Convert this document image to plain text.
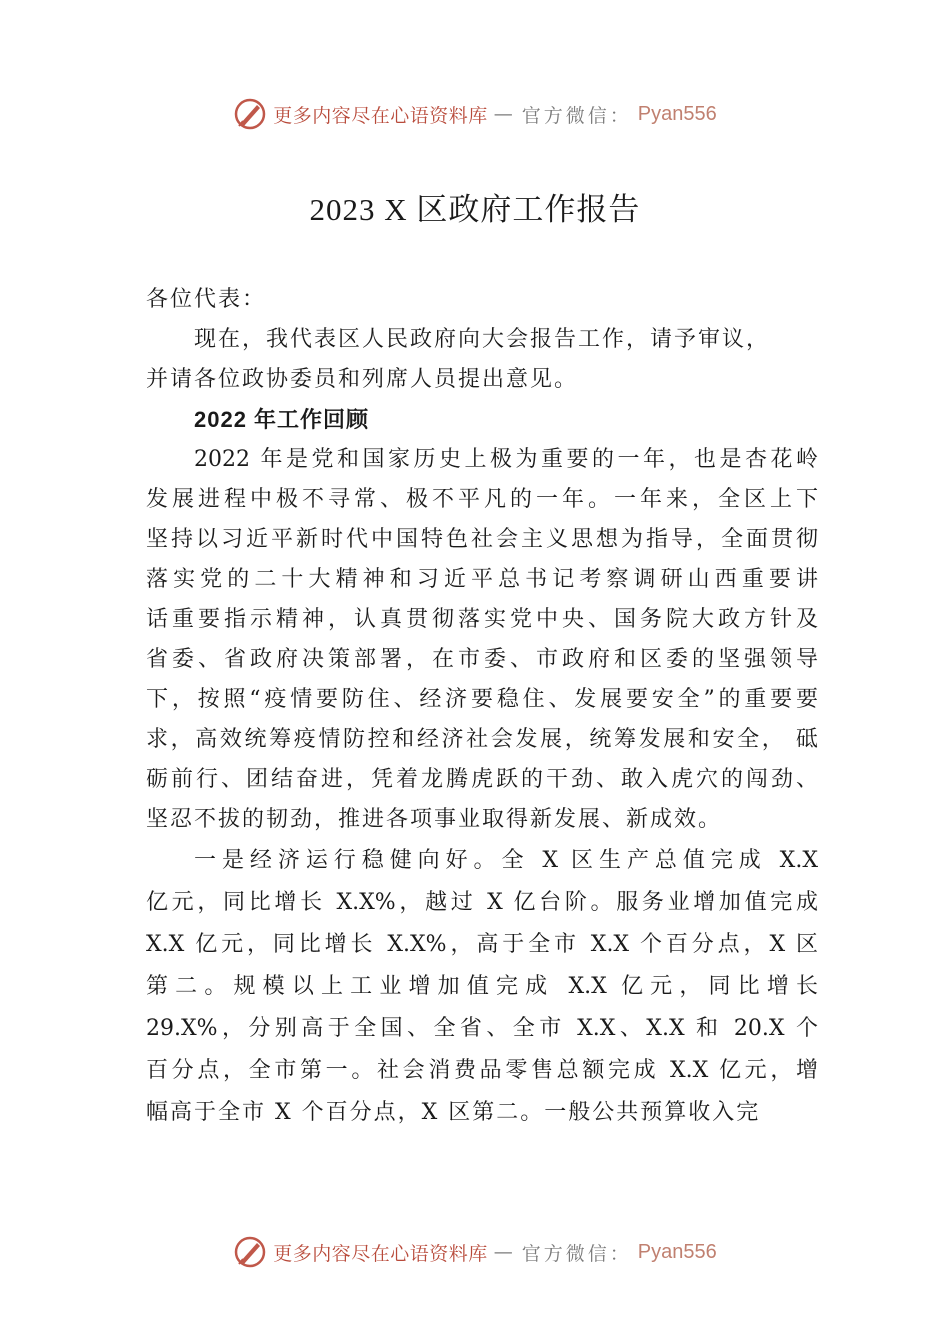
更多内容尽在心语资料库 — 官方微信： Pyan556
2023 X 区政府工作报告
各位代表：
现在，我代表区人民政府向大会报告工作，请予审议，
并请各位政协委员和列席人员提出意见。
2022 年工作回顾
2022 年是党和国家历史上极为重要的一年，也是杏花岭
发展进程中极不寻常、极不平凡的一年。一年来，全区上下
坚持以习近平新时代中国特色社会主义思想为指导，全面贯彻
落实党的二十大精神和习近平总书记考察调研山西重要讲
话重要指示精神，认真贯彻落实党中央、国务院大政方针及
省委、省政府决策部署，在市委、市政府和区委的坚强领导
下，按照“疫情要防住、经济要稳住、发展要安全”的重要要
求，高效统筹疫情防控和经济社会发展，统筹发展和安全， 砥
砺前行、团结奋进，凭着龙腾虎跃的干劲、敢入虎穴的闯劲、
坚忍不拔的韧劲，推进各项事业取得新发展、新成效。
一是经济运行稳健向好。全 X 区生产总值完成 X.X
亿元，同比增长 X.X%，越过 X 亿台阶。服务业增加值完成
X.X 亿元，同比增长 X.X%，高于全市 X.X 个百分点，X 区
第二。规模以上工业增加值完成 X.X 亿元，同比增长
29.X%，分别高于全国、全省、全市 X.X、X.X 和 20.X 个
百分点，全市第一。社会消费品零售总额完成 X.X 亿元，增
幅高于全市 X 个百分点，X 区第二。一般公共预算收入完
更多内容尽在心语资料库 — 官方微信： Pyan556
